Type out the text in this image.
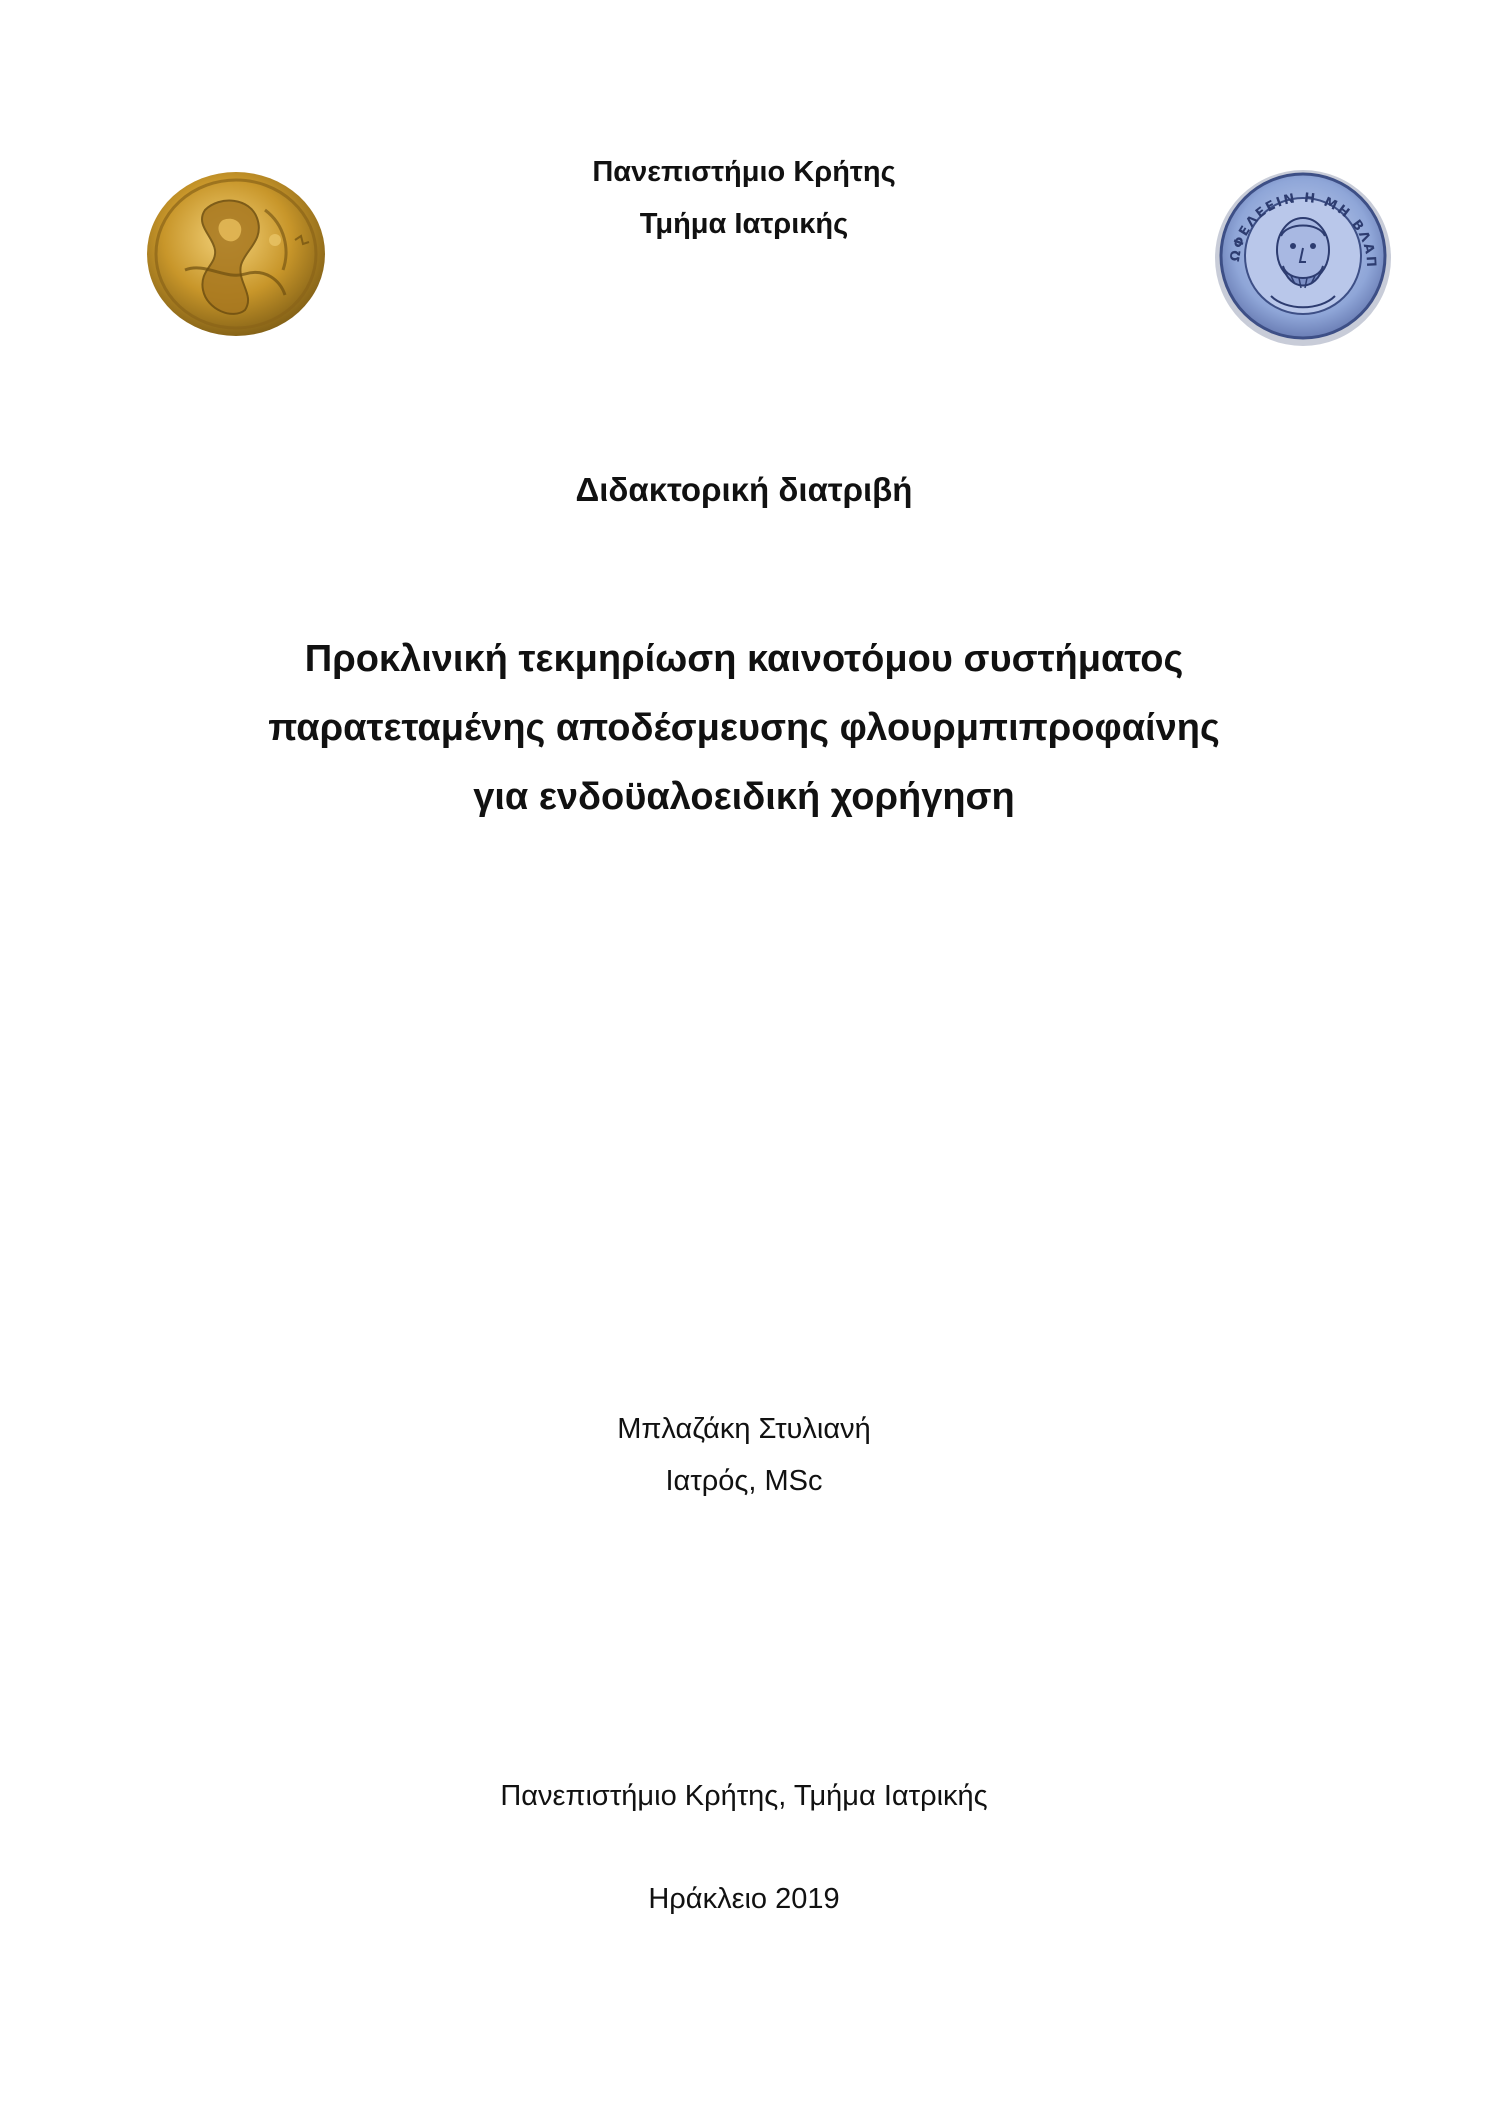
ΩΦΕΛΕΕΙΝ Η ΜΗ ΒΛΑΠ
Πανεπιστήμιο Κρήτης
Τμήμα Ιατρικής
Διδακτορική διατριβή
Προκλινική τεκμηρίωση καινοτόμου συστήματος
παρατεταμένης αποδέσμευσης φλουρμπιπροφαίνης
για ενδοϋαλοειδική χορήγηση
Μπλαζάκη Στυλιανή
Ιατρός, MSc
Πανεπιστήμιο Κρήτης, Τμήμα Ιατρικής
Ηράκλειο 2019
